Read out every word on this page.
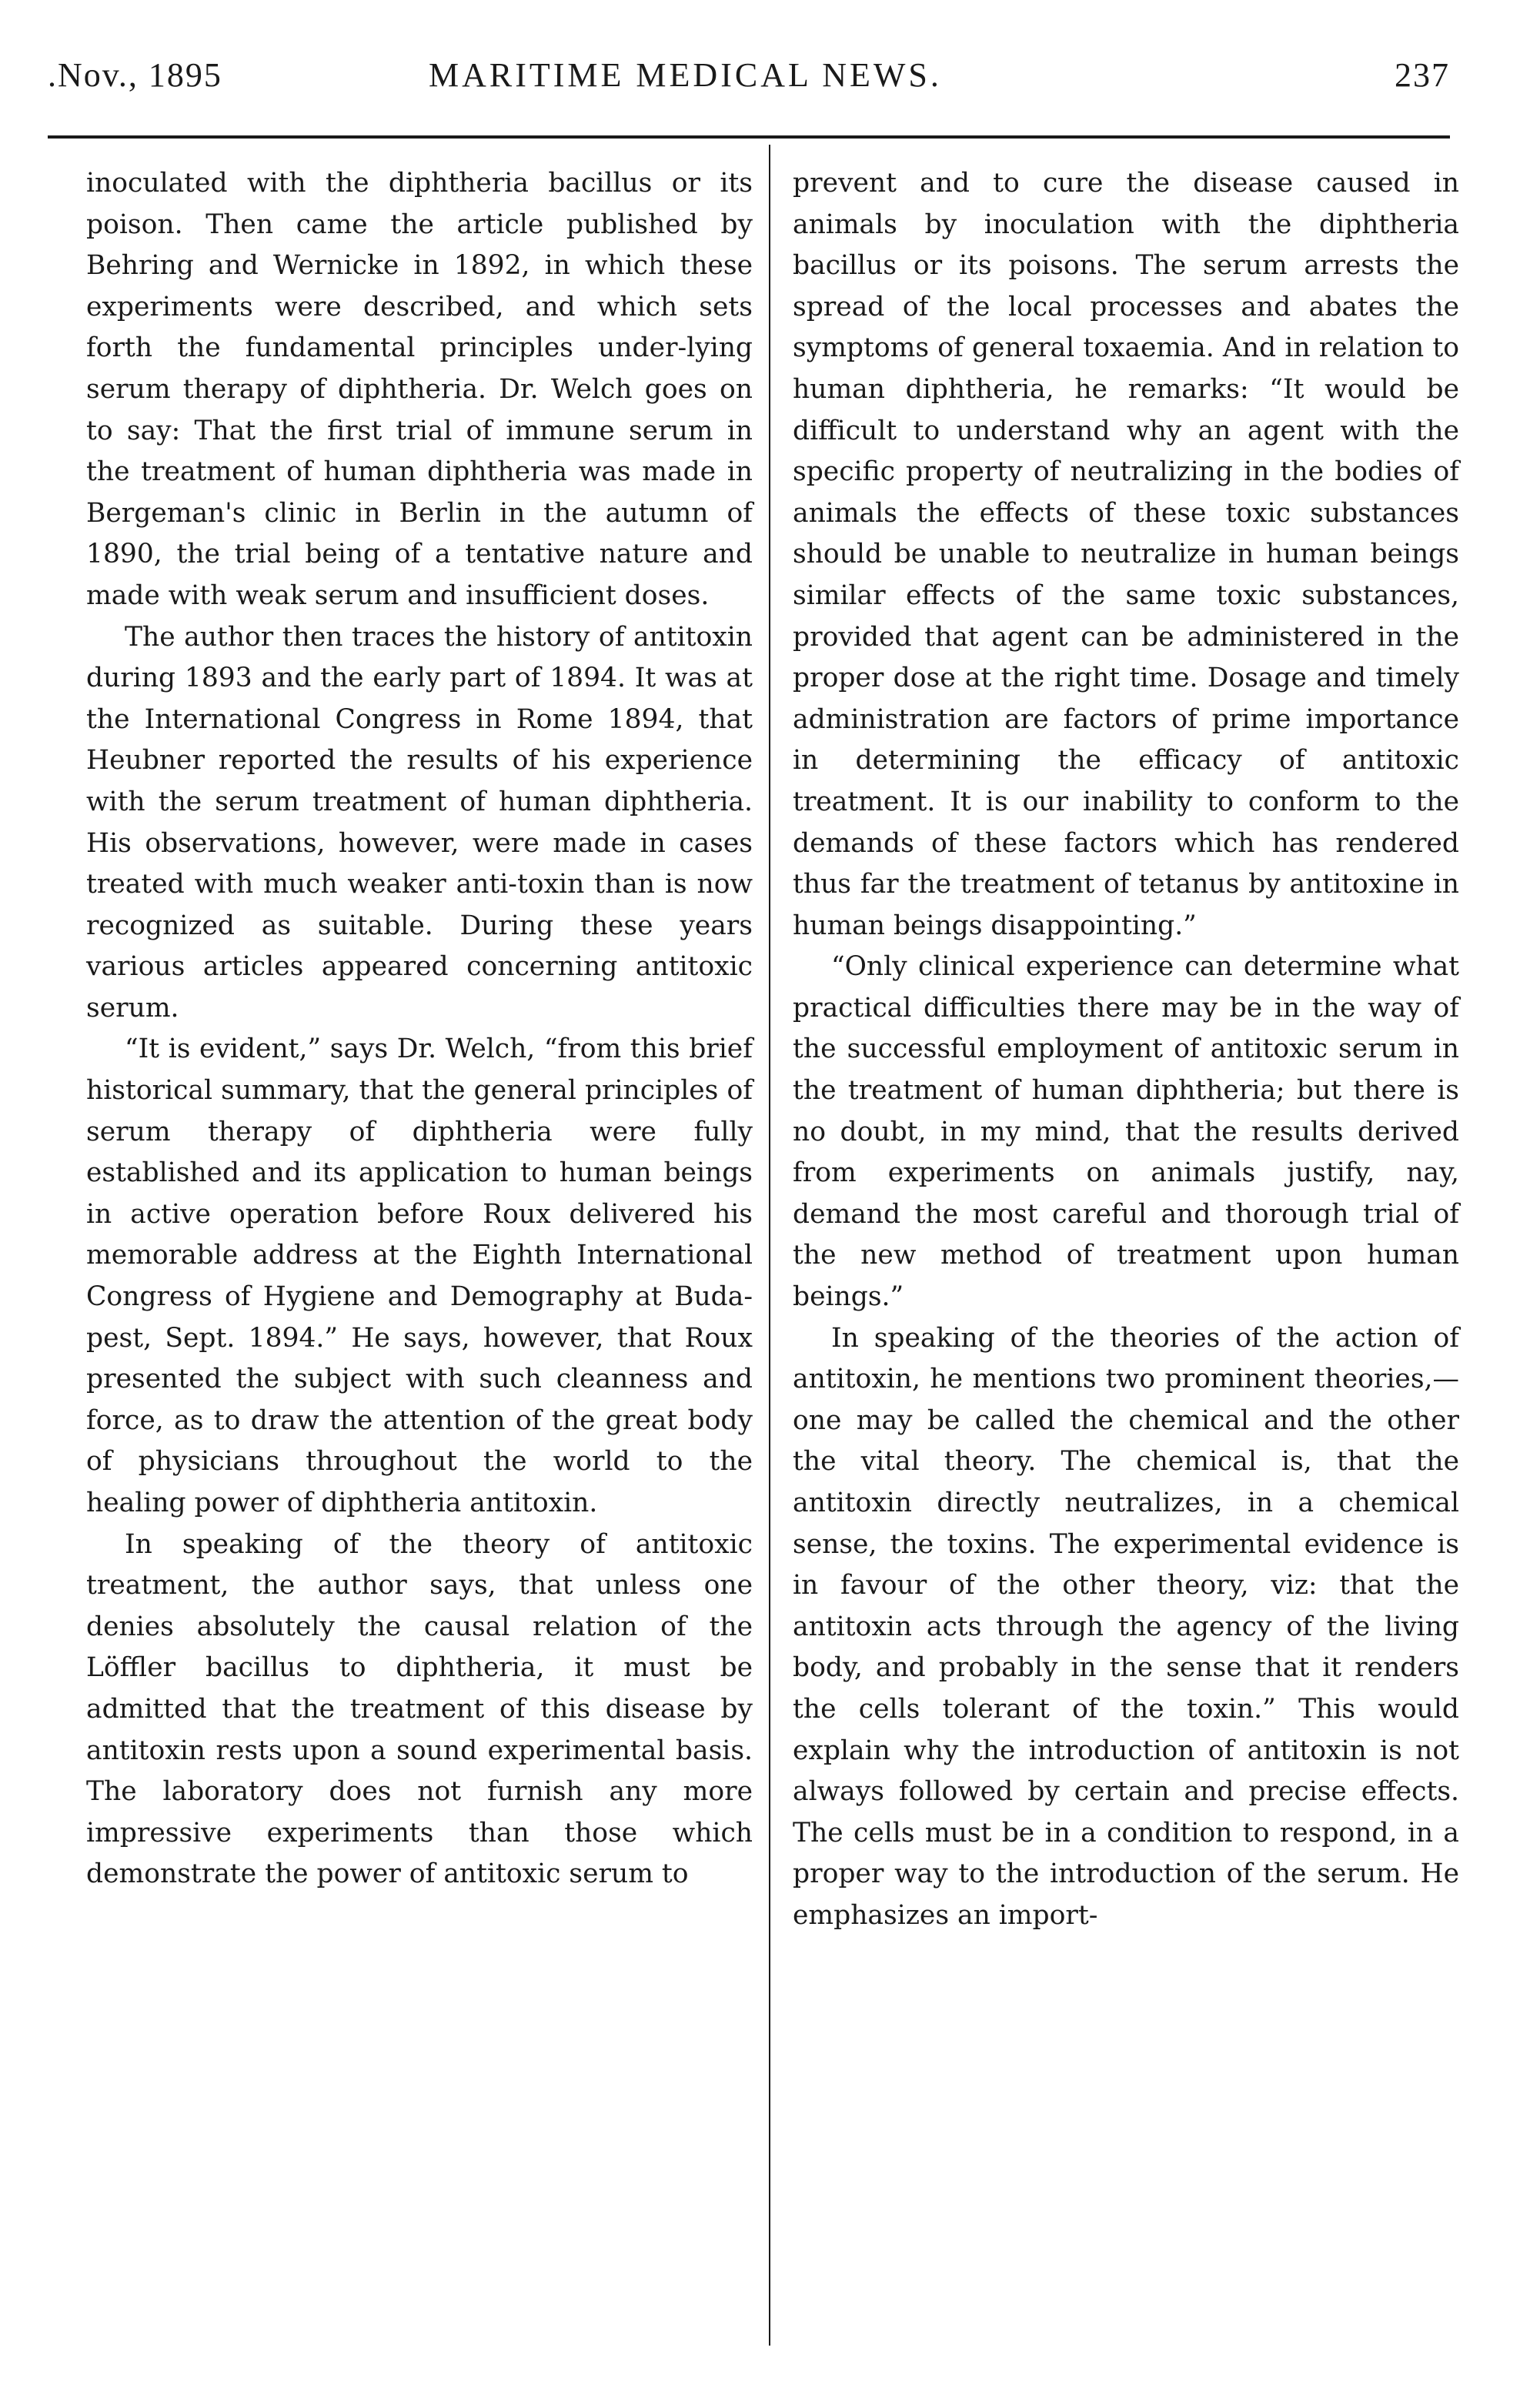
.Nov., 1895	MARITIME MEDICAL NEWS.	237

inoculated with the diphtheria bacillus or its poison. Then came the article published by Behring and Wernicke in 1892, in which these experiments were described, and which sets forth the fundamental principles under-lying serum therapy of diphtheria. Dr. Welch goes on to say: That the first trial of immune serum in the treatment of human diphtheria was made in Bergeman's clinic in Berlin in the autumn of 1890, the trial being of a tentative nature and made with weak serum and insufficient doses.

The author then traces the history of antitoxin during 1893 and the early part of 1894. It was at the International Congress in Rome 1894, that Heubner reported the results of his experience with the serum treatment of human diphtheria. His observations, however, were made in cases treated with much weaker anti-toxin than is now recognized as suitable. During these years various articles appeared concerning antitoxic serum.

“It is evident,” says Dr. Welch, “from this brief historical summary, that the general principles of serum therapy of diphtheria were fully established and its application to human beings in active operation before Roux delivered his memorable address at the Eighth International Congress of Hygiene and Demography at Buda-pest, Sept. 1894.” He says, however, that Roux presented the subject with such cleanness and force, as to draw the attention of the great body of physicians throughout the world to the healing power of diphtheria antitoxin.

In speaking of the theory of antitoxic treatment, the author says, that unless one denies absolutely the causal relation of the Löffler bacillus to diphtheria, it must be admitted that the treatment of this disease by antitoxin rests upon a sound experimental basis. The laboratory does not furnish any more impressive experiments than those which demonstrate the power of antitoxic serum to

prevent and to cure the disease caused in animals by inoculation with the diphtheria bacillus or its poisons. The serum arrests the spread of the local processes and abates the symptoms of general toxaemia. And in relation to human diphtheria, he remarks: “It would be difficult to understand why an agent with the specific property of neutralizing in the bodies of animals the effects of these toxic substances should be unable to neutralize in human beings similar effects of the same toxic substances, provided that agent can be administered in the proper dose at the right time. Dosage and timely administration are factors of prime importance in determining the efficacy of antitoxic treatment. It is our inability to conform to the demands of these factors which has rendered thus far the treatment of tetanus by antitoxine in human beings disappointing.”

“Only clinical experience can determine what practical difficulties there may be in the way of the successful employment of antitoxic serum in the treatment of human diphtheria; but there is no doubt, in my mind, that the results derived from experiments on animals justify, nay, demand the most careful and thorough trial of the new method of treatment upon human beings.”

In speaking of the theories of the action of antitoxin, he mentions two prominent theories,—one may be called the chemical and the other the vital theory. The chemical is, that the antitoxin directly neutralizes, in a chemical sense, the toxins. The experimental evidence is in favour of the other theory, viz: that the antitoxin acts through the agency of the living body, and probably in the sense that it renders the cells tolerant of the toxin.” This would explain why the introduction of antitoxin is not always followed by certain and precise effects. The cells must be in a condition to respond, in a proper way to the introduction of the serum. He emphasizes an import-
